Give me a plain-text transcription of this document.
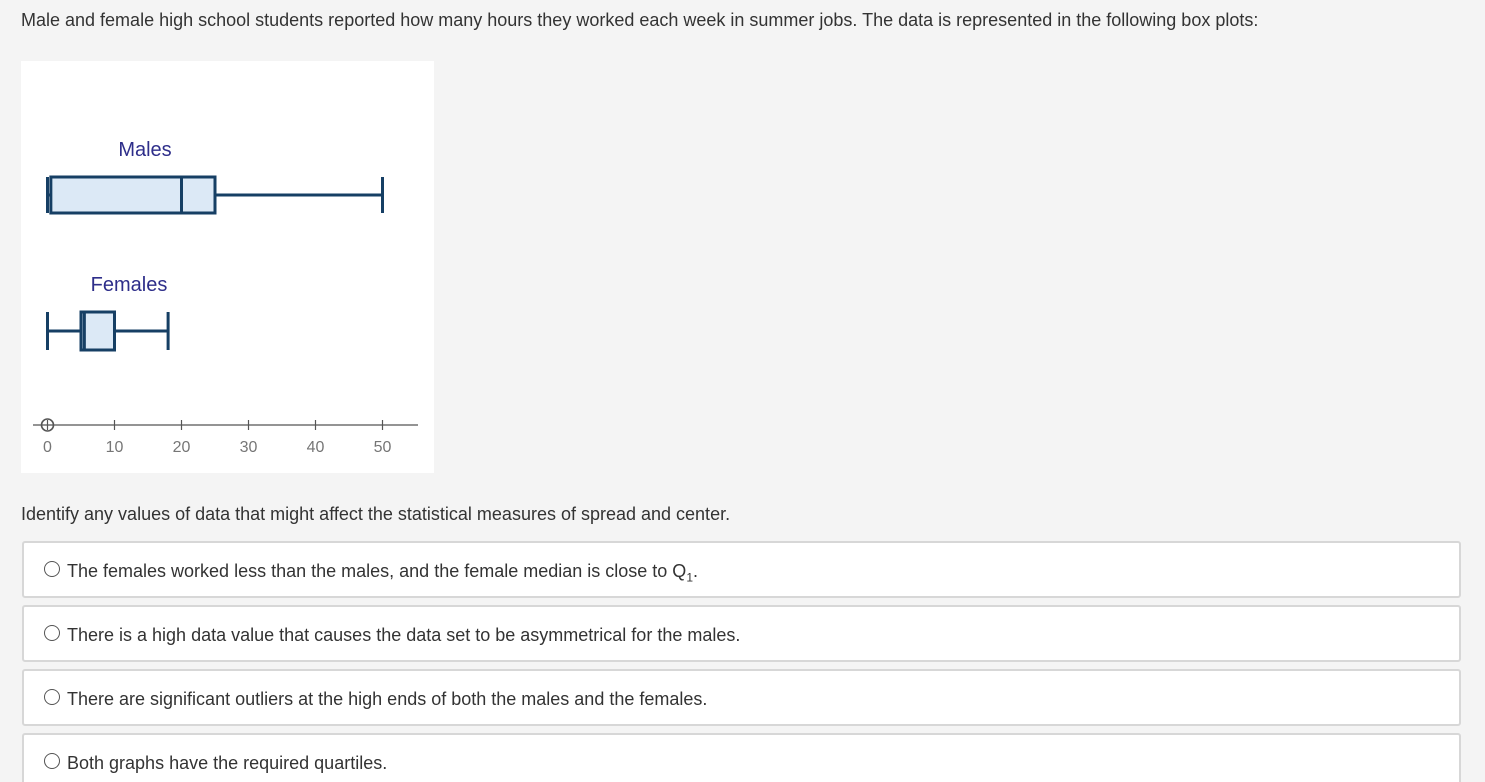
Male and female high school students reported how many hours they worked each week in summer jobs. The data is represented in the following box plots:
Males
Females
0	10	20	30	40	50
Identify any values of data that might affect the statistical measures of spread and center.
The females worked less than the males, and the female median is close to $Q_1$.
There is a high data value that causes the data set to be asymmetrical for the males.
There are significant outliers at the high ends of both the males and the females.
Both graphs have the required quartiles.
